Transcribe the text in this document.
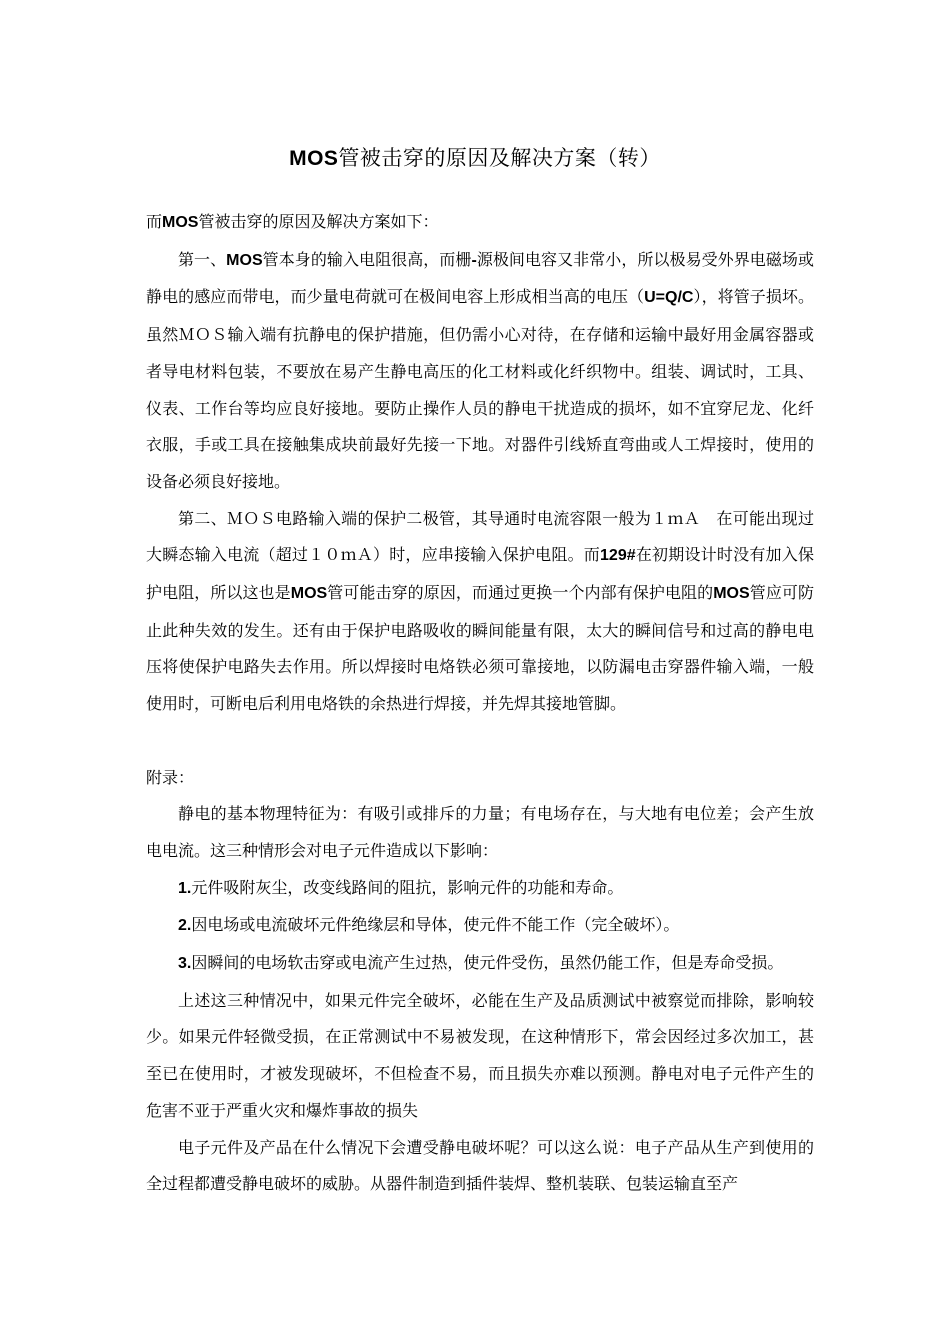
MOS管被击穿的原因及解决方案（转）

而MOS管被击穿的原因及解决方案如下：

第一、MOS管本身的输入电阻很高，而栅-源极间电容又非常小，所以极易受外界电磁场或静电的感应而带电，而少量电荷就可在极间电容上形成相当高的电压（U=Q/C），将管子损坏。虽然ＭＯＳ输入端有抗静电的保护措施，但仍需小心对待，在存储和运输中最好用金属容器或者导电材料包装，不要放在易产生静电高压的化工材料或化纤织物中。组装、调试时，工具、仪表、工作台等均应良好接地。要防止操作人员的静电干扰造成的损坏，如不宜穿尼龙、化纤衣服，手或工具在接触集成块前最好先接一下地。对器件引线矫直弯曲或人工焊接时，使用的设备必须良好接地。

第二、ＭＯＳ电路输入端的保护二极管，其导通时电流容限一般为１ｍＡ　在可能出现过大瞬态输入电流（超过１０ｍＡ）时，应串接输入保护电阻。而129#在初期设计时没有加入保护电阻，所以这也是MOS管可能击穿的原因，而通过更换一个内部有保护电阻的MOS管应可防止此种失效的发生。还有由于保护电路吸收的瞬间能量有限，太大的瞬间信号和过高的静电电压将使保护电路失去作用。所以焊接时电烙铁必须可靠接地，以防漏电击穿器件输入端，一般使用时，可断电后利用电烙铁的余热进行焊接，并先焊其接地管脚。

附录：

静电的基本物理特征为：有吸引或排斥的力量；有电场存在，与大地有电位差；会产生放电电流。这三种情形会对电子元件造成以下影响：

1.元件吸附灰尘，改变线路间的阻抗，影响元件的功能和寿命。

2.因电场或电流破坏元件绝缘层和导体，使元件不能工作（完全破坏）。

3.因瞬间的电场软击穿或电流产生过热，使元件受伤，虽然仍能工作，但是寿命受损。

上述这三种情况中，如果元件完全破坏，必能在生产及品质测试中被察觉而排除，影响较少。如果元件轻微受损，在正常测试中不易被发现，在这种情形下，常会因经过多次加工，甚至已在使用时，才被发现破坏，不但检查不易，而且损失亦难以预测。静电对电子元件产生的危害不亚于严重火灾和爆炸事故的损失

电子元件及产品在什么情况下会遭受静电破坏呢？可以这么说：电子产品从生产到使用的全过程都遭受静电破坏的威胁。从器件制造到插件装焊、整机装联、包装运输直至产
